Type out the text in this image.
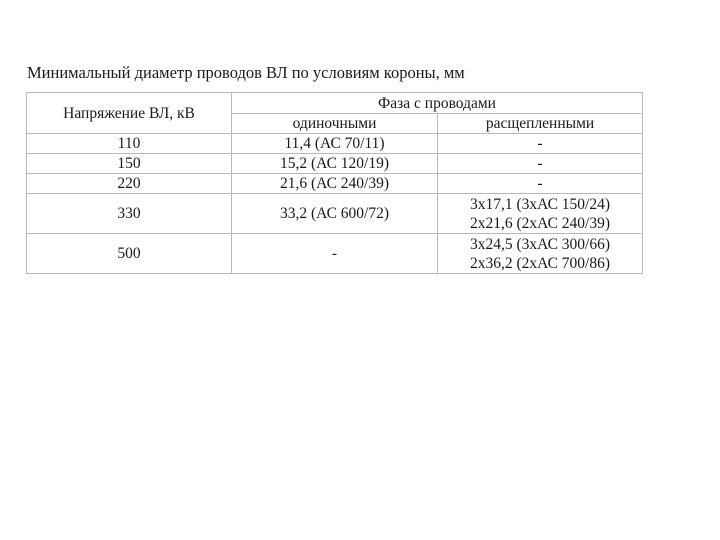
Минимальный диаметр проводов ВЛ по условиям короны, мм
Напряжение ВЛ, кВ	Фаза с проводами	
	одиночными	расщепленными
110	11,4 (АС 70/11)	-
150	15,2 (АС 120/19)	-
220	21,6 (АС 240/39)	-
330	33,2 (АС 600/72)	3х17,1 (3хАС 150/24)
2х21,6 (2хАС 240/39)

500	-	3х24,5 (3хАС 300/66)
2х36,2 (2хАС 700/86)
